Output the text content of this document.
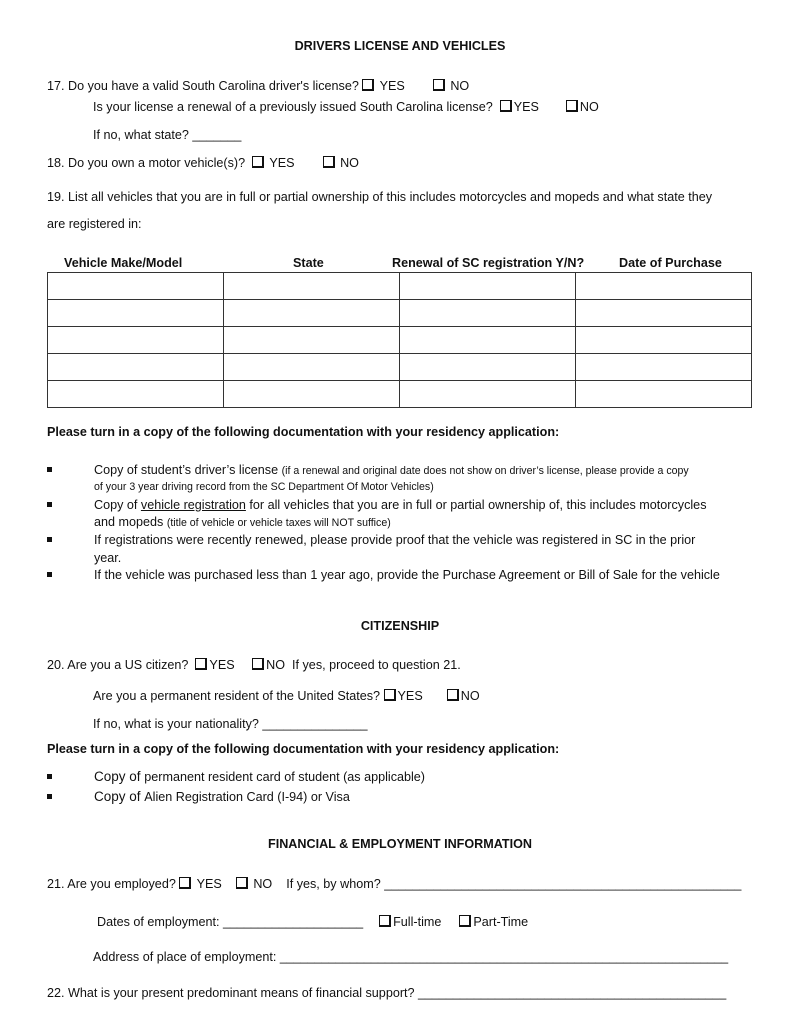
DRIVERS LICENSE AND VEHICLES
17. Do you have a valid South Carolina driver's license? YES	NO
Is your license a renewal of a previously issued South Carolina license? YES	NO
If no, what state? _______
18. Do you own a motor vehicle(s)? YES	NO
19. List all vehicles that you are in full or partial ownership of this includes motorcycles and mopeds and what state they
are registered in:
Vehicle Make/Model	State	Renewal of SC registration Y/N?	Date of Purchase

Please turn in a copy of the following documentation with your residency application:
Copy of student’s driver’s license (if a renewal and original date does not show on driver’s license, please provide a copy
of your 3 year driving record from the SC Department Of Motor Vehicles)
Copy of vehicle registration for all vehicles that you are in full or partial ownership of, this includes motorcycles
and mopeds (title of vehicle or vehicle taxes will NOT suffice)
If registrations were recently renewed, please provide proof that the vehicle was registered in SC in the prior
year.
If the vehicle was purchased less than 1 year ago, provide the Purchase Agreement or Bill of Sale for the vehicle
CITIZENSHIP
20. Are you a US citizen? YES	NO If yes, proceed to question 21.
Are you a permanent resident of the United States? YES	NO
If no, what is your nationality? _______________
Please turn in a copy of the following documentation with your residency application:
Copy of permanent resident card of student (as applicable)
Copy of Alien Registration Card (I-94) or Visa
FINANCIAL & EMPLOYMENT INFORMATION
21. Are you employed? YES	NO If yes, by whom? ___________________________________________________
Dates of employment: ____________________ Full-time	Part-Time
Address of place of employment: ________________________________________________________________
22. What is your present predominant means of financial support? ____________________________________________
